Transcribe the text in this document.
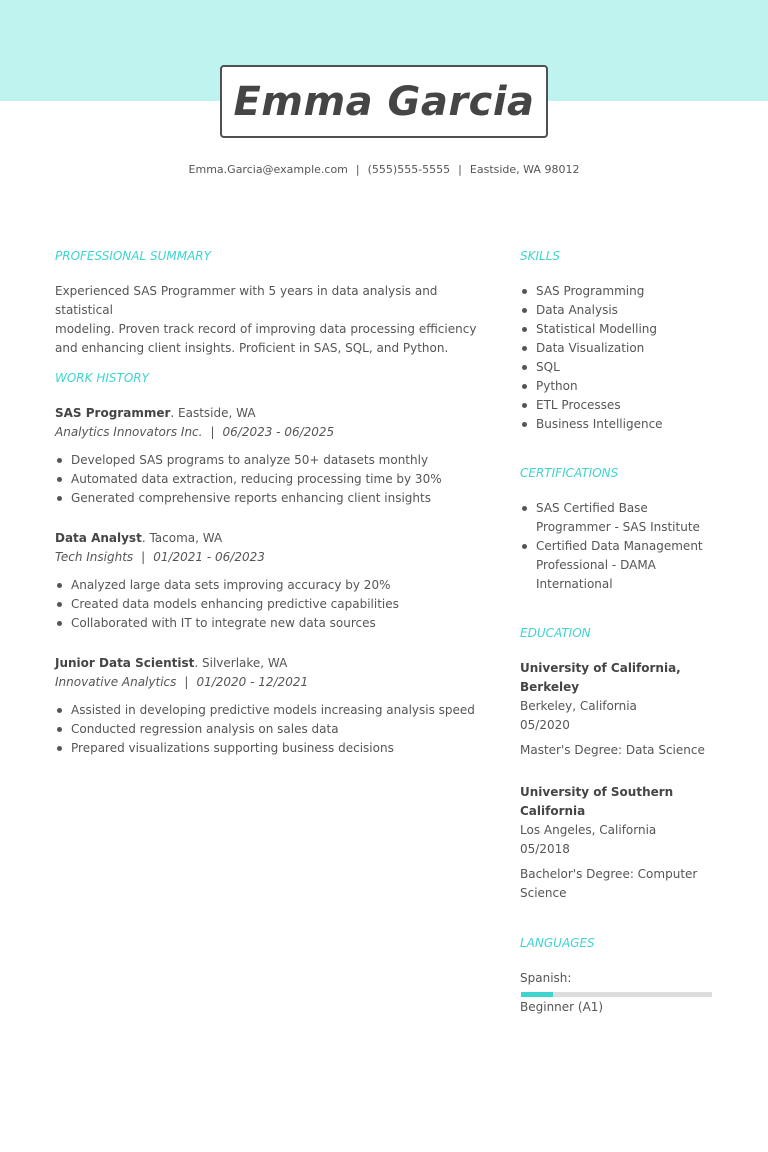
Emma Garcia
Emma.Garcia@example.com | (555)555-5555 | Eastside, WA 98012
PROFESSIONAL SUMMARY
Experienced SAS Programmer with 5 years in data analysis and statistical
modeling. Proven track record of improving data processing efficiency
and enhancing client insights. Proficient in SAS, SQL, and Python.
WORK HISTORY
SAS Programmer. Eastside, WA
Analytics Innovators Inc. | 06/2023 - 06/2025
Developed SAS programs to analyze 50+ datasets monthly
Automated data extraction, reducing processing time by 30%
Generated comprehensive reports enhancing client insights
Data Analyst. Tacoma, WA
Tech Insights | 01/2021 - 06/2023
Analyzed large data sets improving accuracy by 20%
Created data models enhancing predictive capabilities
Collaborated with IT to integrate new data sources
Junior Data Scientist. Silverlake, WA
Innovative Analytics | 01/2020 - 12/2021
Assisted in developing predictive models increasing analysis speed
Conducted regression analysis on sales data
Prepared visualizations supporting business decisions
SKILLS
SAS Programming
Data Analysis
Statistical Modelling
Data Visualization
SQL
Python
ETL Processes
Business Intelligence
CERTIFICATIONS
SAS Certified Base
Programmer - SAS Institute
Certified Data Management
Professional - DAMA
International
EDUCATION
University of California,
Berkeley
Berkeley, California
05/2020
Master's Degree: Data Science
University of Southern
California
Los Angeles, California
05/2018
Bachelor's Degree: Computer
Science
LANGUAGES
Spanish:
Beginner (A1)
